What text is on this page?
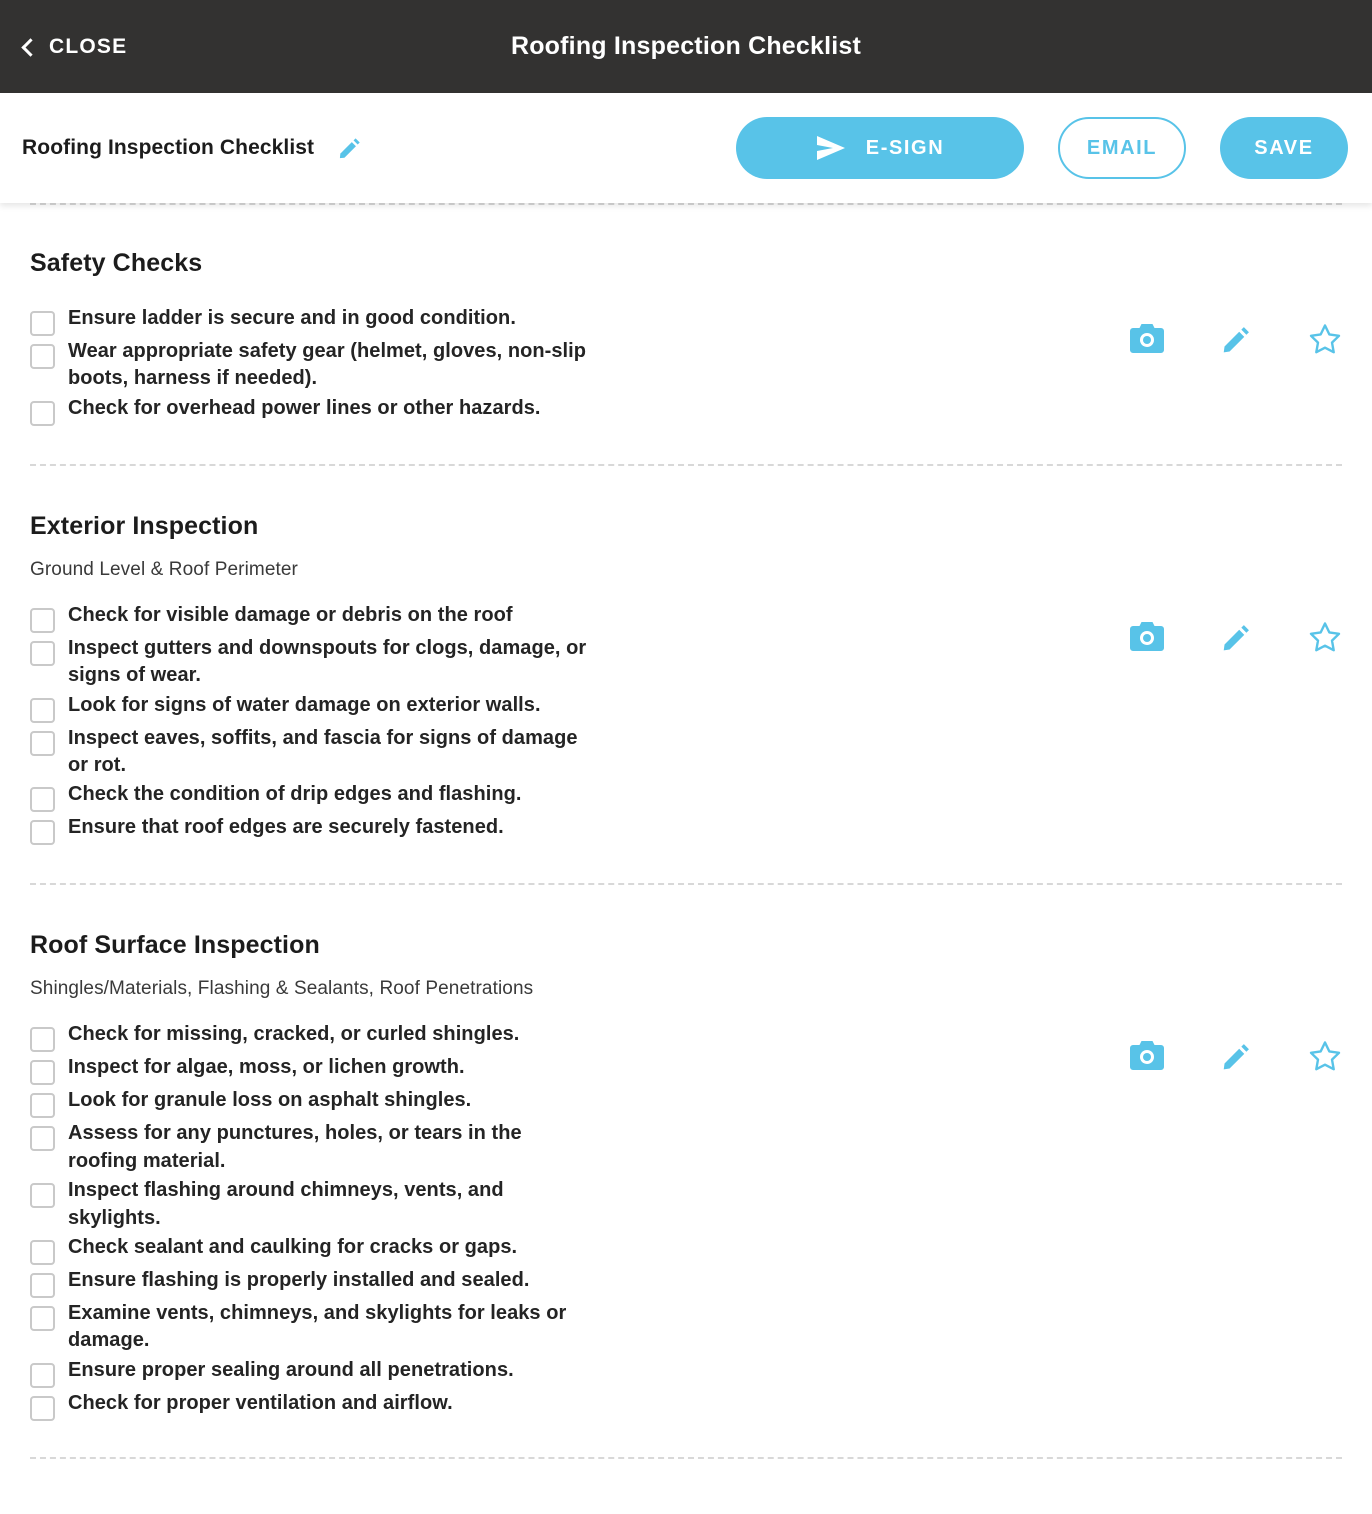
CLOSE	Roofing Inspection Checklist
Roofing Inspection Checklist	E-SIGN	EMAIL	SAVE
Safety Checks
Ensure ladder is secure and in good condition.
Wear appropriate safety gear (helmet, gloves, non-slip boots, harness if needed).
Check for overhead power lines or other hazards.
Exterior Inspection

Ground Level & Roof Perimeter

Check for visible damage or debris on the roof
Inspect gutters and downspouts for clogs, damage, or signs of wear.
Look for signs of water damage on exterior walls.
Inspect eaves, soffits, and fascia for signs of damage or rot.
Check the condition of drip edges and flashing.
Ensure that roof edges are securely fastened.
Roof Surface Inspection

Shingles/Materials, Flashing & Sealants, Roof Penetrations

Check for missing, cracked, or curled shingles.
Inspect for algae, moss, or lichen growth.
Look for granule loss on asphalt shingles.
Assess for any punctures, holes, or tears in the roofing material.
Inspect flashing around chimneys, vents, and skylights.
Check sealant and caulking for cracks or gaps.
Ensure flashing is properly installed and sealed.
Examine vents, chimneys, and skylights for leaks or damage.
Ensure proper sealing around all penetrations.
Check for proper ventilation and airflow.
